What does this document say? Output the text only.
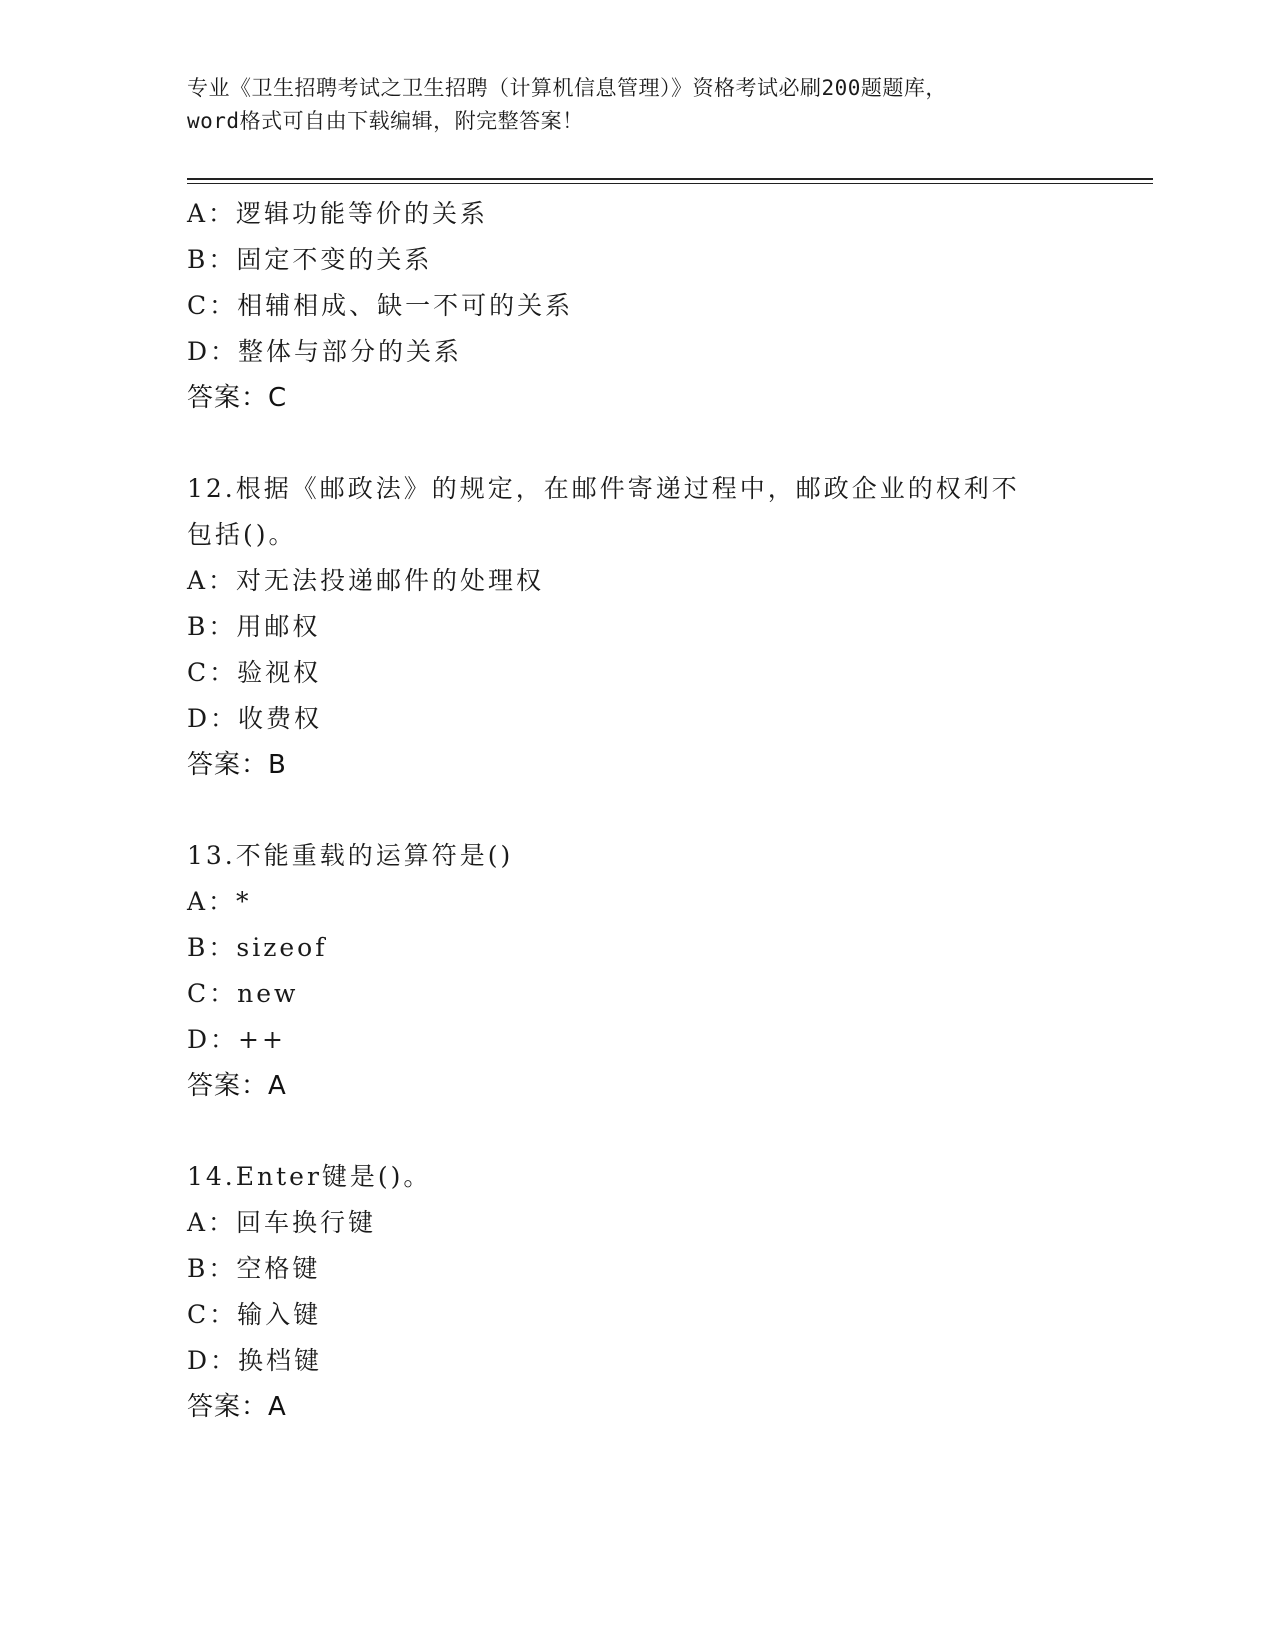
专业《卫生招聘考试之卫生招聘（计算机信息管理）》资格考试必刷200题题库，
word格式可自由下载编辑，附完整答案！
A：逻辑功能等价的关系
B：固定不变的关系
C：相辅相成、缺一不可的关系
D：整体与部分的关系
答案：C
12.根据《邮政法》的规定，在邮件寄递过程中，邮政企业的权利不包括()。
A：对无法投递邮件的处理权
B：用邮权
C：验视权
D：收费权
答案：B
13.不能重载的运算符是()
A：*
B：sizeof
C：new
D：++
答案：A
14.Enter键是()。
A：回车换行键
B：空格键
C：输入键
D：换档键
答案：A
